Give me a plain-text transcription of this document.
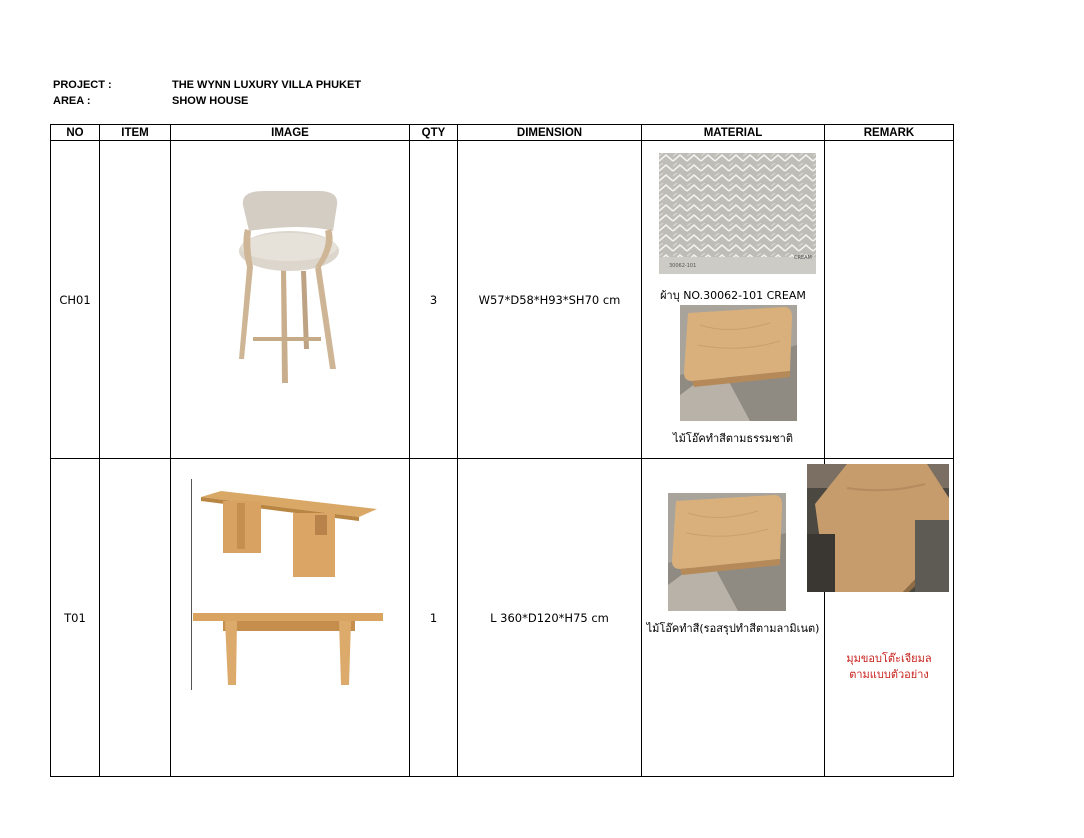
PROJECT :	THE WYNN LUXURY VILLA PHUKET
AREA :	SHOW HOUSE
NO	ITEM	IMAGE	QTY	DIMENSION	MATERIAL	REMARK
CH01			3	W57*D58*H93*SH70 cm	30062-101
CREAM
ผ้าบุ NO.30062-101 CREAM
ไม้โอ๊คทำสีตามธรรมชาติ	

T01			1	L 360*D120*H75 cm	ไม้โอ๊คทำสี(รอสรุปทำสีตามลามิเนต)	มุมขอบโต๊ะเจียมล
ตามแบบตัวอย่าง
